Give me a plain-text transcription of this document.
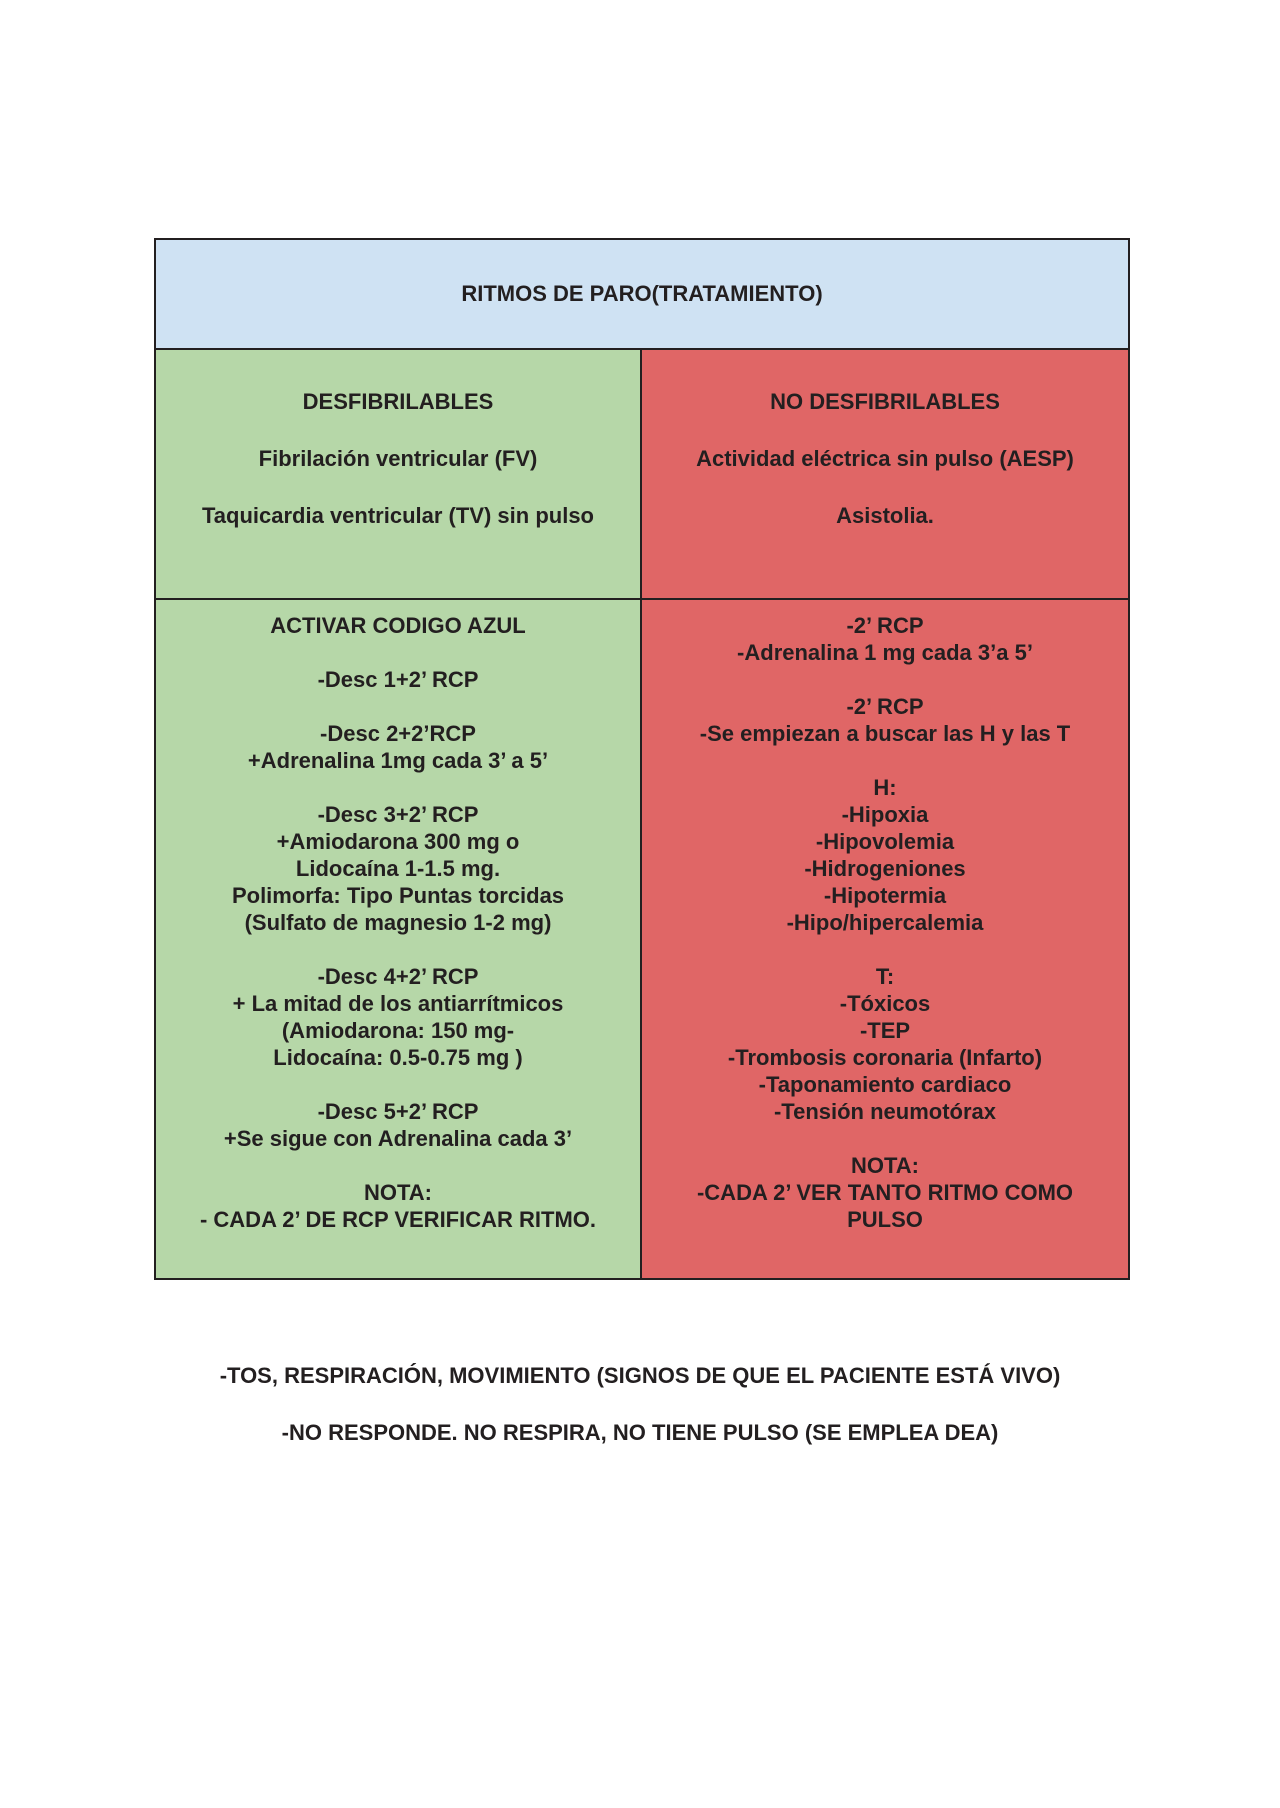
RITMOS DE PARO(TRATAMIENTO)
DESFIBRILABLES
Fibrilación ventricular (FV)
Taquicardia ventricular (TV) sin pulso
NO DESFIBRILABLES
Actividad eléctrica sin pulso (AESP)
Asistolia.
ACTIVAR CODIGO AZUL
-Desc 1+2’ RCP
-Desc 2+2’RCP
+Adrenalina 1mg cada 3’ a 5’
-Desc 3+2’ RCP
+Amiodarona 300 mg o
Lidocaína 1-1.5 mg.
Polimorfa: Tipo Puntas torcidas
(Sulfato de magnesio 1-2 mg)
-Desc 4+2’ RCP
+ La mitad de los antiarrítmicos
(Amiodarona: 150 mg-
Lidocaína: 0.5-0.75 mg )
-Desc 5+2’ RCP
+Se sigue con Adrenalina cada 3’
NOTA:
- CADA 2’ DE RCP VERIFICAR RITMO.
-2’ RCP
-Adrenalina 1 mg cada 3’a 5’
-2’ RCP
-Se empiezan a buscar las H y las T
H:
-Hipoxia
-Hipovolemia
-Hidrogeniones
-Hipotermia
-Hipo/hipercalemia
T:
-Tóxicos
-TEP
-Trombosis coronaria (Infarto)
-Taponamiento cardiaco
-Tensión neumotórax
NOTA:
-CADA 2’ VER TANTO RITMO COMO
PULSO
-TOS, RESPIRACIÓN, MOVIMIENTO (SIGNOS DE QUE EL PACIENTE ESTÁ VIVO)
-NO RESPONDE. NO RESPIRA, NO TIENE PULSO (SE EMPLEA DEA)
